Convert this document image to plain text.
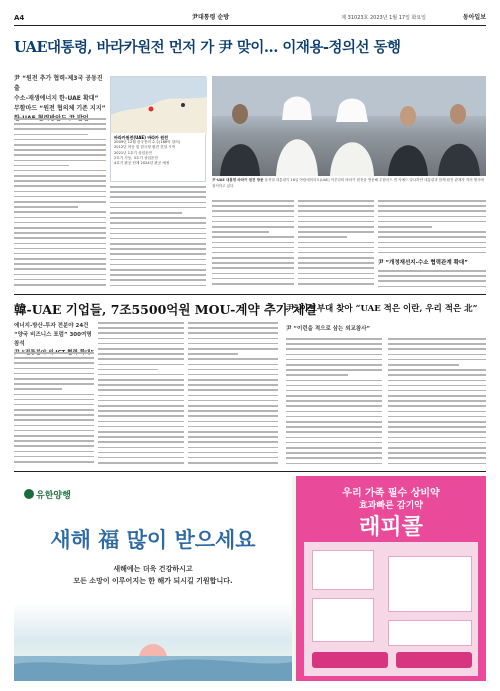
A4	尹대통령 순방	제 31023호 2023년 1월 17일 화요일	동아일보
UAE대통령, 바라카원전 먼저 가 尹 맞이… 이재용-정의선 동행
尹 “원전 추가 협력-제3국 공동진출
수소-재생에너지 한-UAE 확대”
무함마드 “원전 협의체 기존 지지”
바라카원전(UAE) 바라카 원전
2009년 12월 한국전력 수주(186억 달러)
2012년 착공 및 한국형 원전 건설 시작
2021년 1호기 상업운전
2호기 가동, 3호기 상업운전
4호기 완공 단계 2024년 완공 예정
尹-UAE 대통령 바라카 원전 방문 윤석열 대통령이 16일 아랍에미리트(UAE) 아부다비 바라카 원전을 방문해 무함마드 빈 자예드 알나하얀 대통령과 함께 원전 관계자 격려 행사에 참석하고 있다.
尹 “개정재선지-수소 협력관계 확대”
韓-UAE 기업들, 7조5500억원 MOU-계약 추가 체결
에너지-방산-투자 전분야 24건
“양국 비즈니스 포럼” 300여명 참석
尹, 아크부대 찾아 “UAE 적은 이란, 우리 적은 北”
尹 “이런을 적으로 삼는 외교참사”
유한양행
새해 福 많이 받으세요
새해에는 더욱 건강하시고
모든 소망이 이루어지는 한 해가 되시길 기원합니다.
우리 가족 필수 상비약
효과빠른 감기약
래피콜
